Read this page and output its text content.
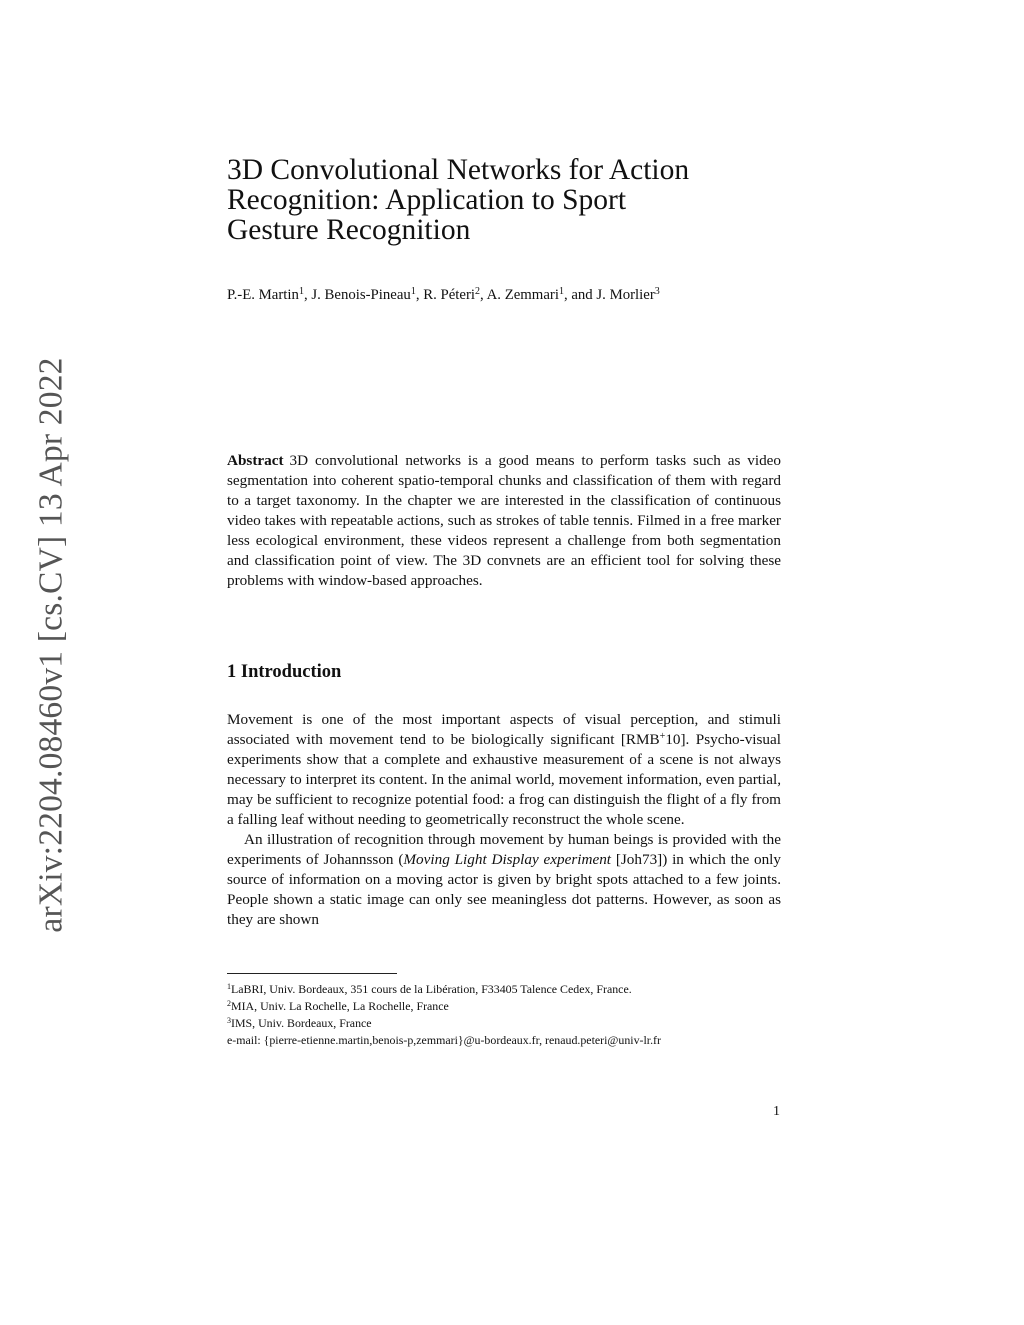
arXiv:2204.08460v1 [cs.CV] 13 Apr 2022
3D Convolutional Networks for Action
Recognition: Application to Sport
Gesture Recognition

P.-E. Martin$^1$, J. Benois-Pineau$^1$, R. Péteri$^2$, A. Zemmari$^1$, and J. Morlier$^3$

Abstract 3D convolutional networks is a good means to perform tasks such as video segmentation into coherent spatio-temporal chunks and classification of them with regard to a target taxonomy. In the chapter we are interested in the classification of continuous video takes with repeatable actions, such as strokes of table tennis. Filmed in a free marker less ecological environment, these videos represent a challenge from both segmentation and classification point of view. The 3D convnets are an efficient tool for solving these problems with window-based approaches.

1 Introduction

Movement is one of the most important aspects of visual perception, and stimuli associated with movement tend to be biologically significant [RMB+10]. Psycho-visual experiments show that a complete and exhaustive measurement of a scene is not always necessary to interpret its content. In the animal world, movement information, even partial, may be sufficient to recognize potential food: a frog can distinguish the flight of a fly from a falling leaf without needing to geometrically reconstruct the whole scene.

An illustration of recognition through movement by human beings is provided with the experiments of Johannsson (Moving Light Display experiment [Joh73]) in which the only source of information on a moving actor is given by bright spots attached to a few joints. People shown a static image can only see meaningless dot patterns. However, as soon as they are shown

$^1$LaBRI, Univ. Bordeaux, 351 cours de la Libération, F33405 Talence Cedex, France.
$^2$MIA, Univ. La Rochelle, La Rochelle, France
$^3$IMS, Univ. Bordeaux, France
e-mail: {pierre-etienne.martin,benois-p,zemmari}@u-bordeaux.fr, renaud.peteri@univ-lr.fr
1
